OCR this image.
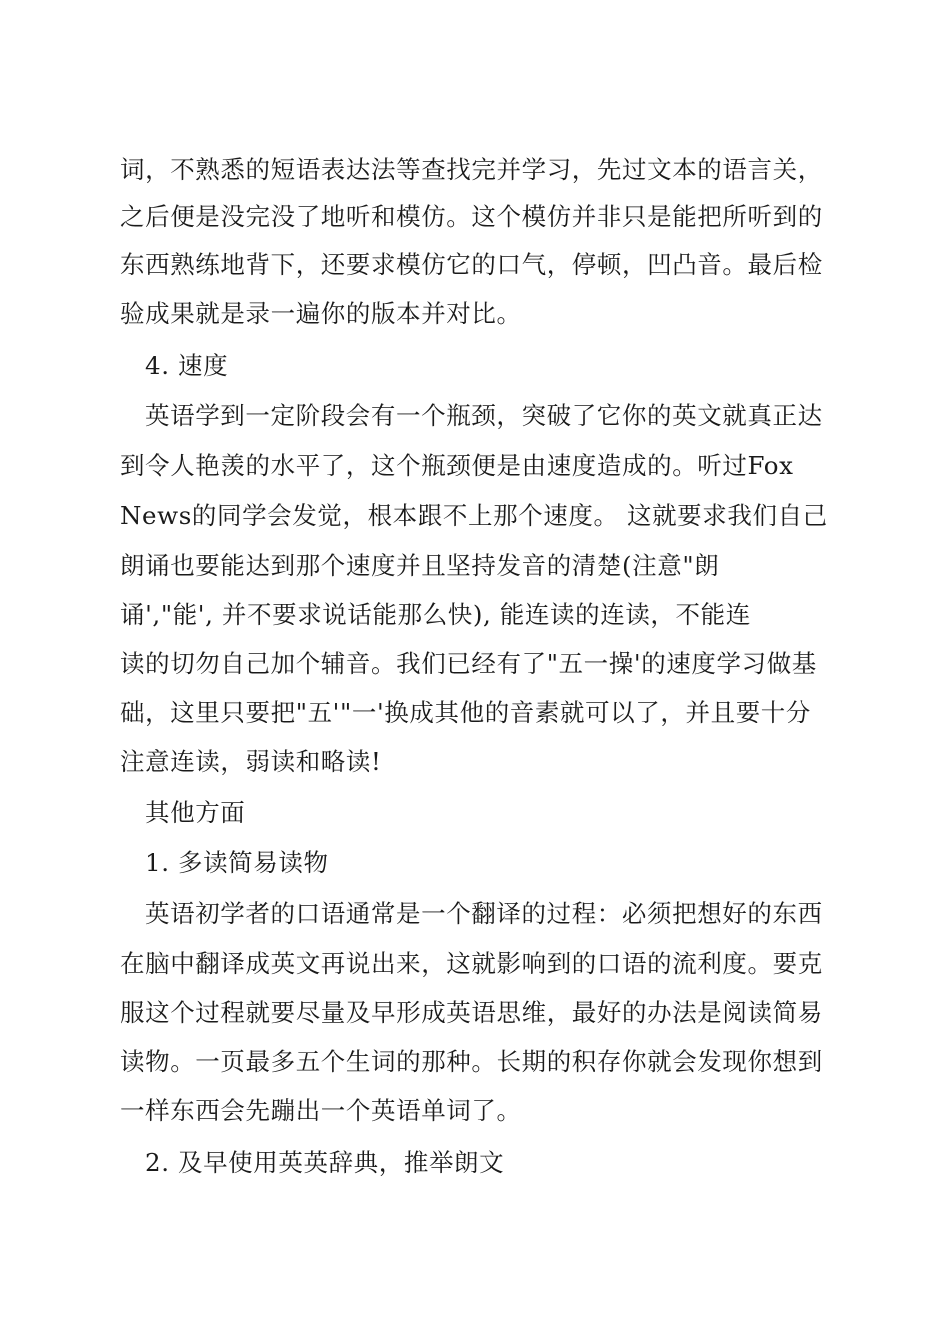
词，不熟悉的短语表达法等查找完并学习，先过文本的语言关，
之后便是没完没了地听和模仿。这个模仿并非只是能把所听到的
东西熟练地背下，还要求模仿它的口气，停顿，凹凸音。最后检
验成果就是录一遍你的版本并对比。
4. 速度
英语学到一定阶段会有一个瓶颈，突破了它你的英文就真正达
到令人艳羡的水平了，这个瓶颈便是由速度造成的。听过Fox
News的同学会发觉，根本跟不上那个速度。 这就要求我们自己
朗诵也要能达到那个速度并且坚持发音的清楚(注意"朗
诵',"能', 并不要求说话能那么快), 能连读的连读，不能连
读的切勿自己加个辅音。我们已经有了"五一操'的速度学习做基
础，这里只要把"五'"一'换成其他的音素就可以了，并且要十分
注意连读，弱读和略读!
其他方面
1. 多读简易读物
英语初学者的口语通常是一个翻译的过程：必须把想好的东西
在脑中翻译成英文再说出来，这就影响到的口语的流利度。要克
服这个过程就要尽量及早形成英语思维，最好的办法是阅读简易
读物。一页最多五个生词的那种。长期的积存你就会发现你想到
一样东西会先蹦出一个英语单词了。
2. 及早使用英英辞典，推举朗文
